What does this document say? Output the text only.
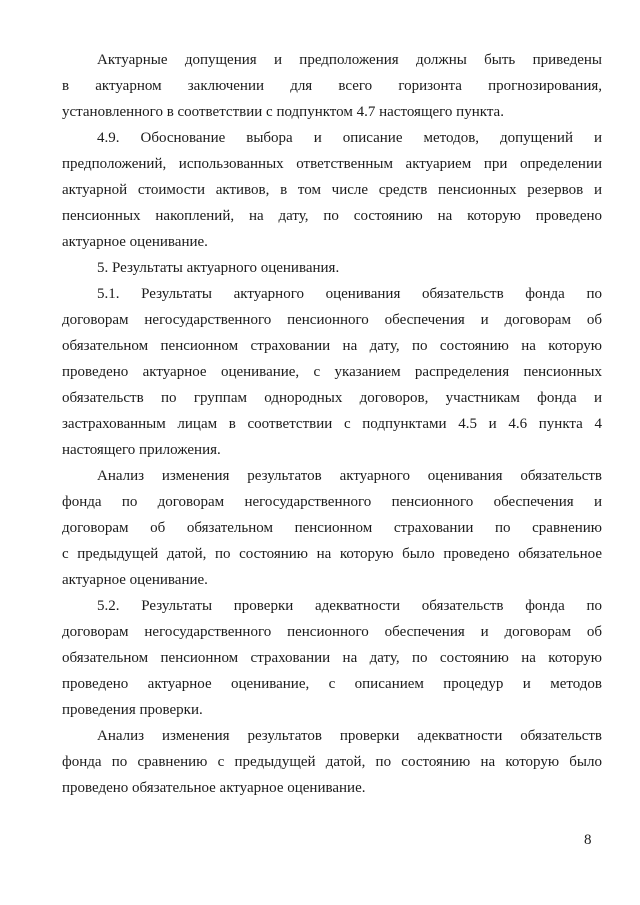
Актуарные допущения и предположения должны быть приведены
в актуарном заключении для всего горизонта прогнозирования,
установленного в соответствии с подпунктом 4.7 настоящего пункта.

4.9. Обоснование выбора и описание методов, допущений и
предположений, использованных ответственным актуарием при определении
актуарной стоимости активов, в том числе средств пенсионных резервов и
пенсионных накоплений, на дату, по состоянию на которую проведено
актуарное оценивание.

5. Результаты актуарного оценивания.

5.1. Результаты актуарного оценивания обязательств фонда по
договорам негосударственного пенсионного обеспечения и договорам об
обязательном пенсионном страховании на дату, по состоянию на которую
проведено актуарное оценивание, с указанием распределения пенсионных
обязательств по группам однородных договоров, участникам фонда и
застрахованным лицам в соответствии с подпунктами 4.5 и 4.6 пункта 4
настоящего приложения.

Анализ изменения результатов актуарного оценивания обязательств
фонда по договорам негосударственного пенсионного обеспечения и
договорам об обязательном пенсионном страховании по сравнению
с предыдущей датой, по состоянию на которую было проведено обязательное
актуарное оценивание.

5.2. Результаты проверки адекватности обязательств фонда по
договорам негосударственного пенсионного обеспечения и договорам об
обязательном пенсионном страховании на дату, по состоянию на которую
проведено актуарное оценивание, с описанием процедур и методов
проведения проверки.

Анализ изменения результатов проверки адекватности обязательств
фонда по сравнению с предыдущей датой, по состоянию на которую было
проведено обязательное актуарное оценивание.

8
